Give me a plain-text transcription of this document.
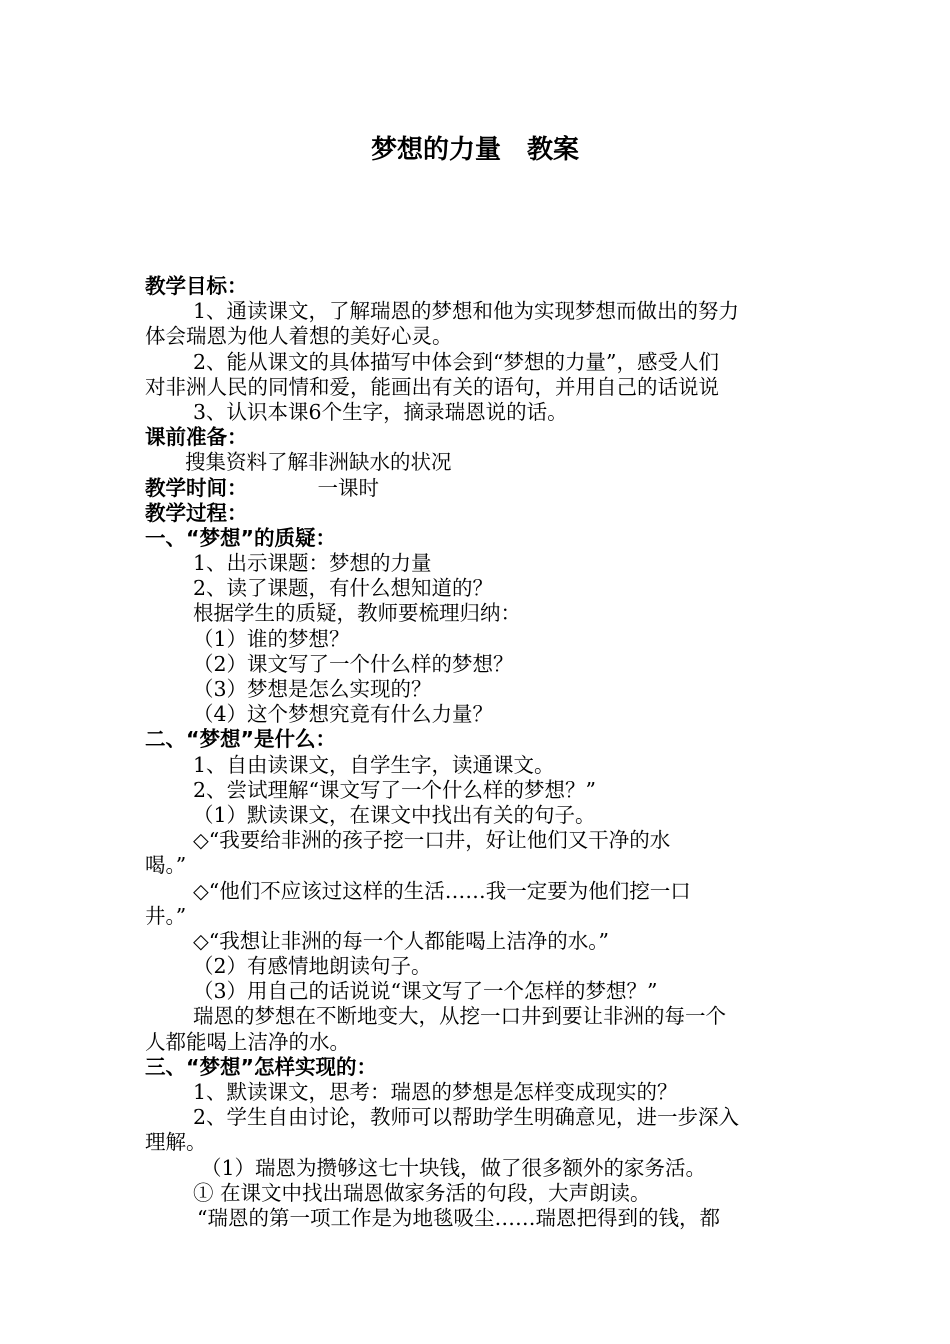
梦想的力量　教案
教学目标：
1、通读课文，了解瑞恩的梦想和他为实现梦想而做出的努力
体会瑞恩为他人着想的美好心灵。
2、能从课文的具体描写中体会到“梦想的力量”，感受人们
对非洲人民的同情和爱，能画出有关的语句，并用自己的话说说
3、认识本课6个生字，摘录瑞恩说的话。
课前准备：
搜集资料了解非洲缺水的状况
教学时间：	一课时
教学过程：
一、“梦想”的质疑：
1、出示课题：梦想的力量
2、读了课题，有什么想知道的？
根据学生的质疑，教师要梳理归纳：
（1）谁的梦想？
（2）课文写了一个什么样的梦想？
（3）梦想是怎么实现的？
（4）这个梦想究竟有什么力量？
二、“梦想”是什么：
1、自由读课文，自学生字，读通课文。
2、尝试理解“课文写了一个什么样的梦想？”
（1）默读课文，在课文中找出有关的句子。
◇“我要给非洲的孩子挖一口井，好让他们又干净的水
喝。”
◇“他们不应该过这样的生活……我一定要为他们挖一口
井。”
◇“我想让非洲的每一个人都能喝上洁净的水。”
（2）有感情地朗读句子。
（3）用自己的话说说“课文写了一个怎样的梦想？”
瑞恩的梦想在不断地变大，从挖一口井到要让非洲的每一个
人都能喝上洁净的水。
三、“梦想”怎样实现的：
1、默读课文，思考：瑞恩的梦想是怎样变成现实的？
2、学生自由讨论，教师可以帮助学生明确意见，进一步深入
理解。
（1）瑞恩为攒够这七十块钱，做了很多额外的家务活。
① 在课文中找出瑞恩做家务活的句段，大声朗读。
“瑞恩的第一项工作是为地毯吸尘……瑞恩把得到的钱，都
